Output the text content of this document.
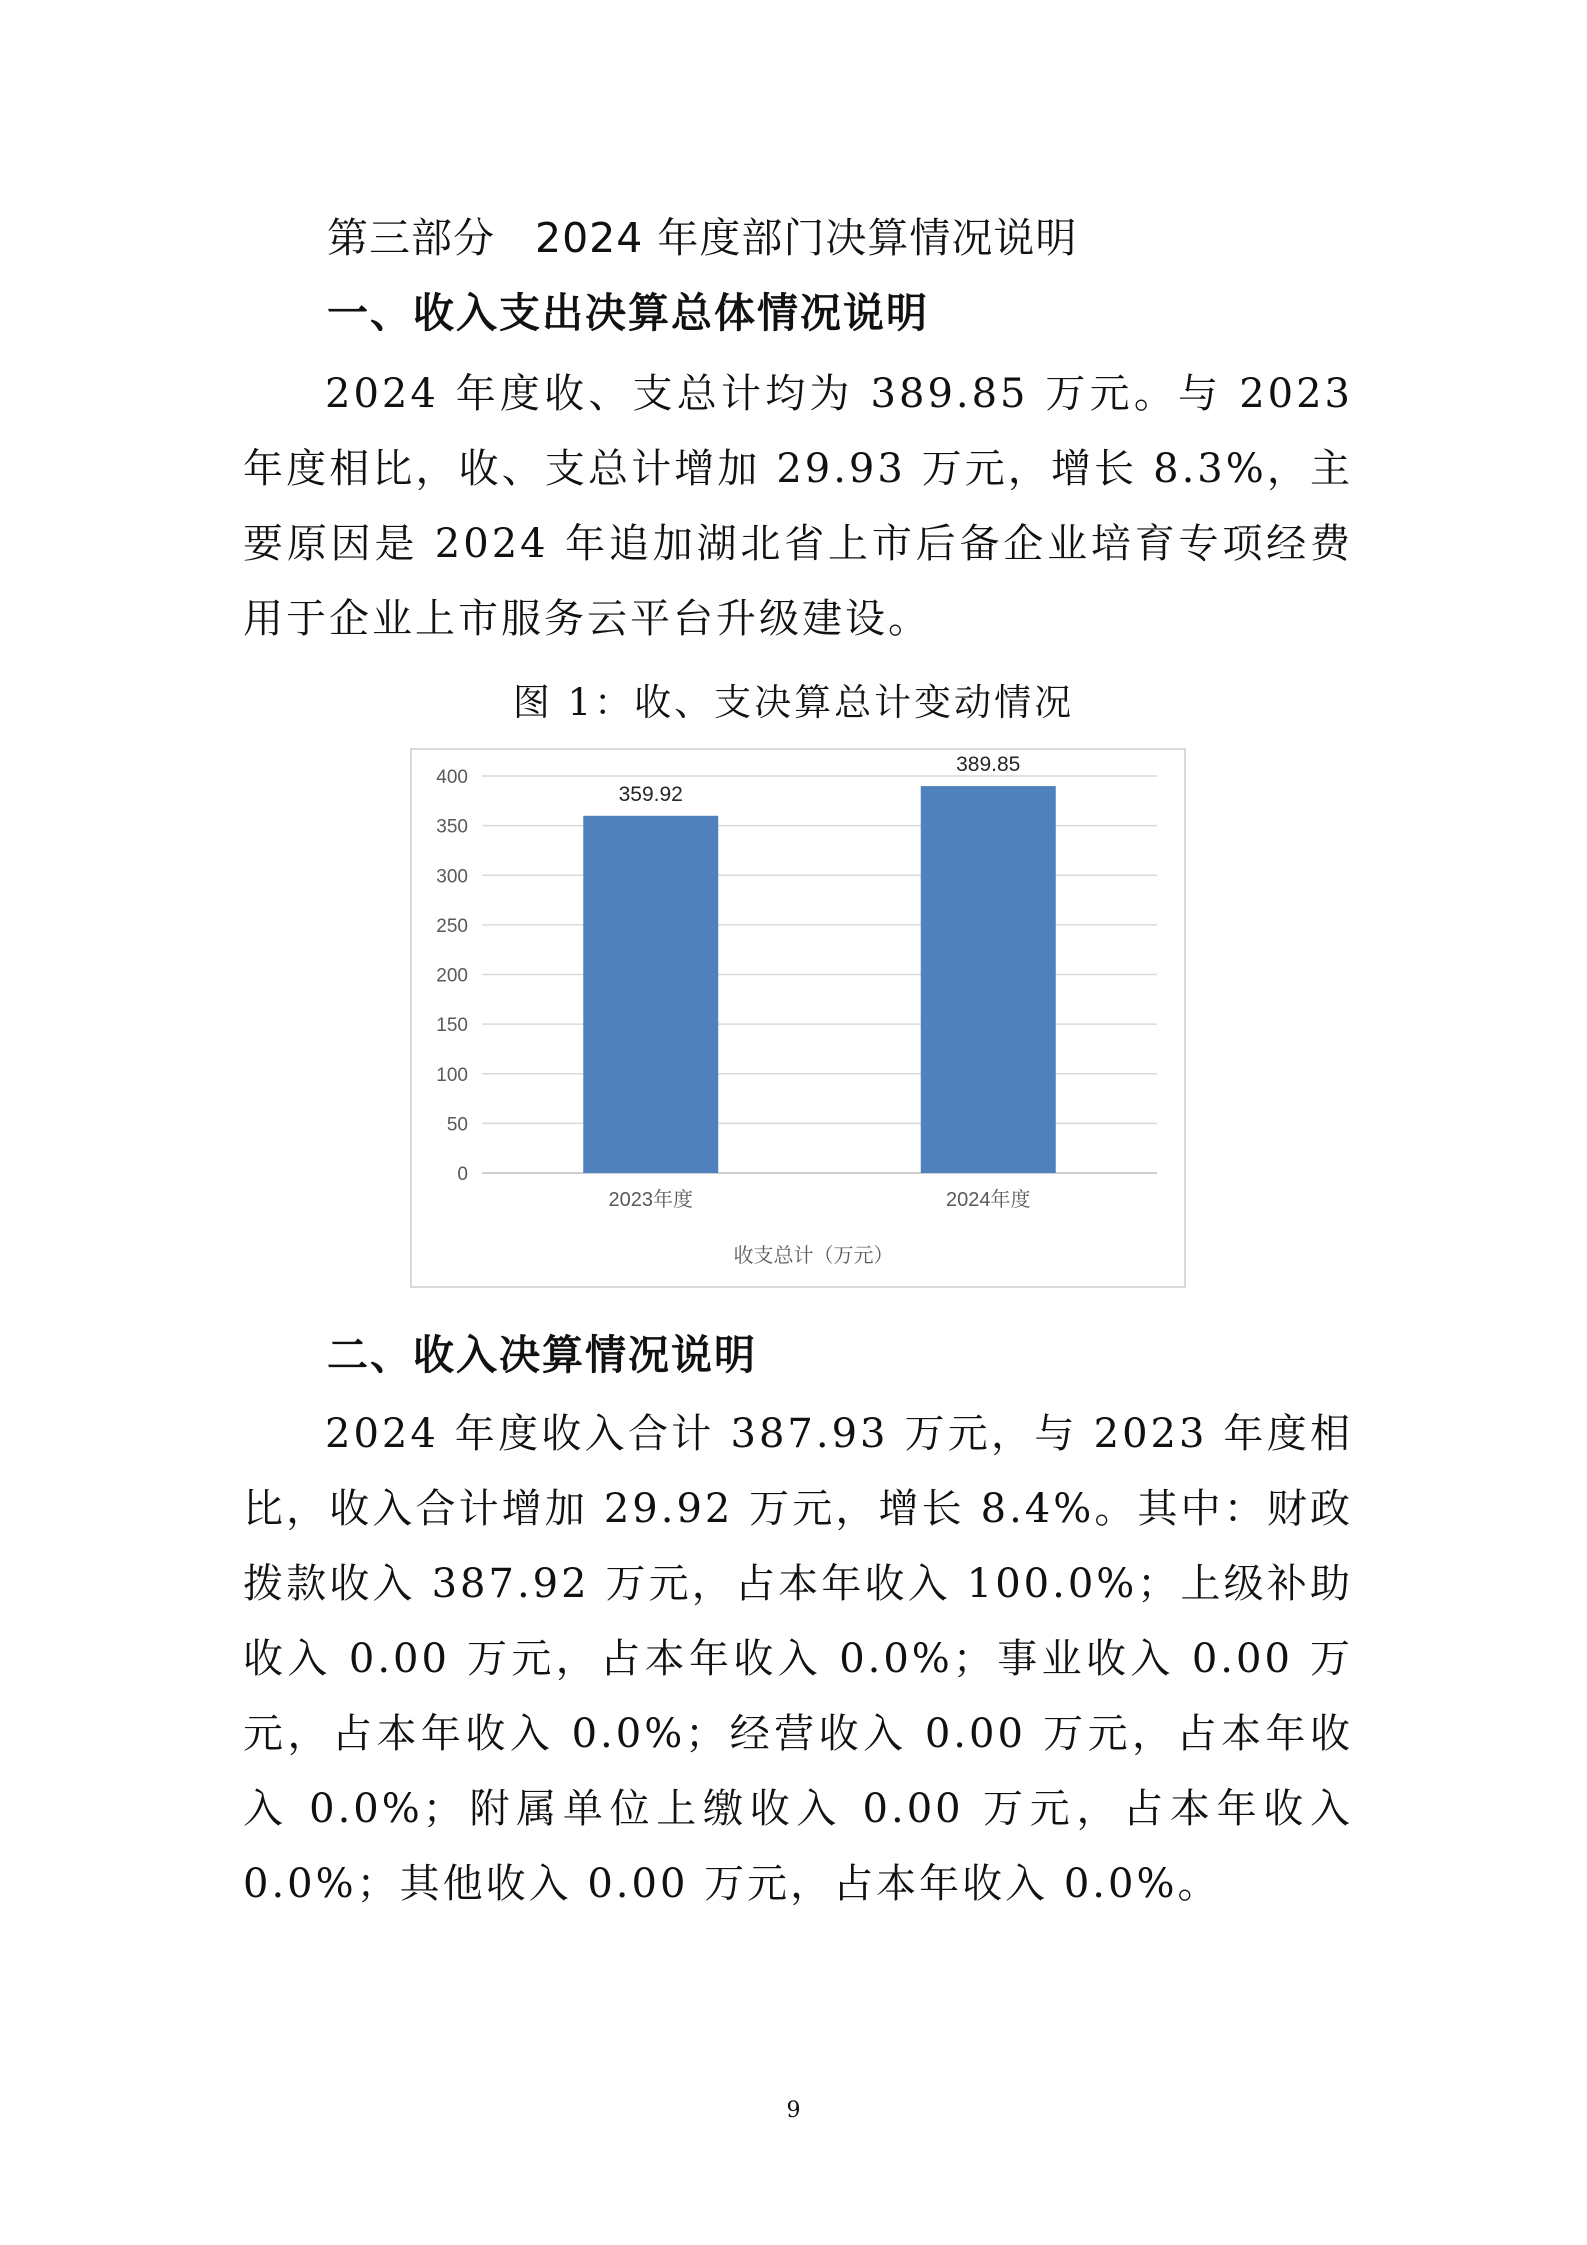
第三部分 2024 年度部门决算情况说明
一、收入支出决算总体情况说明

2024 年度收、支总计均为 389.85 万元。与 2023 年度相比，收、支总计增加 29.93 万元，增长 8.3%，主要原因是 2024 年追加湖北省上市后备企业培育专项经费用于企业上市服务云平台升级建设。

图 1：收、支决算总计变动情况
0
50
100
150
200
250
300
350
400
359.92
2023年度
389.85
2024年度
收支总计（万元）
二、收入决算情况说明

2024 年度收入合计 387.93 万元，与 2023 年度相比，收入合计增加 29.92 万元，增长 8.4%。其中：财政拨款收入 387.92 万元，占本年收入 100.0%；上级补助收入 0.00 万元，占本年收入 0.0%；事业收入 0.00 万元，占本年收入 0.0%；经营收入 0.00 万元，占本年收入 0.0%；附属单位上缴收入 0.00 万元，占本年收入 0.0%；其他收入 0.00 万元，占本年收入 0.0%。

9
